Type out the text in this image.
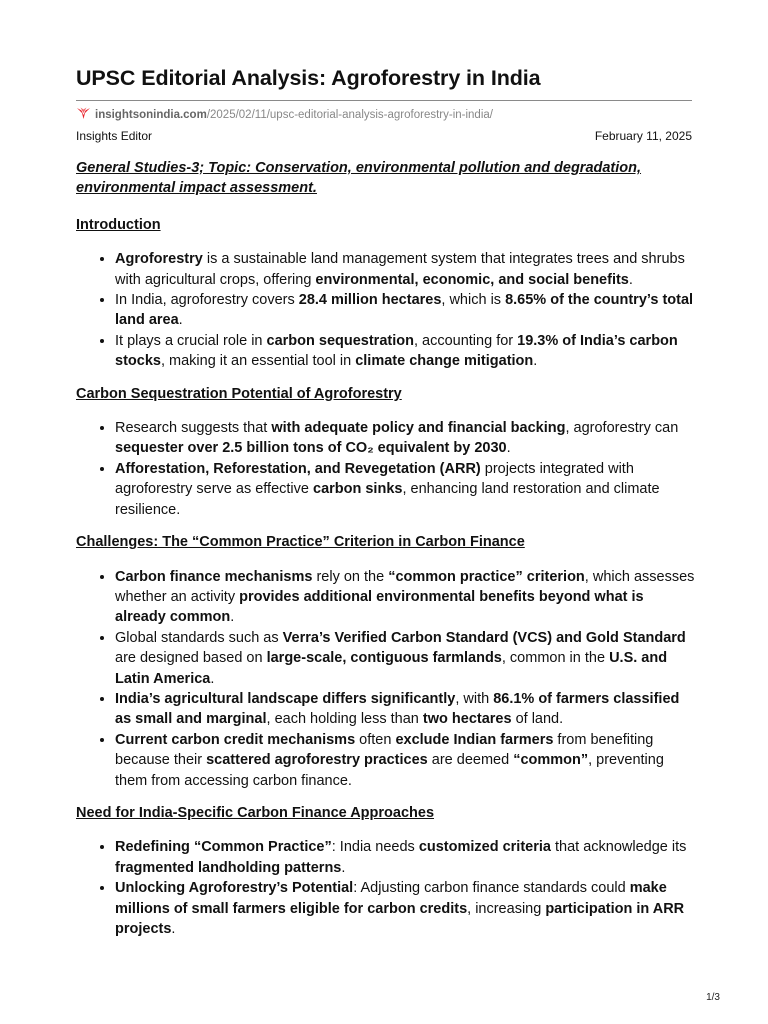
UPSC Editorial Analysis: Agroforestry in India
insightsonindia.com/2025/02/11/upsc-editorial-analysis-agroforestry-in-india/
Insights Editor	February 11, 2025

General Studies-3; Topic: Conservation, environmental pollution and degradation, environmental impact assessment.

Introduction

• Agroforestry is a sustainable land management system that integrates trees and shrubs with agricultural crops, offering environmental, economic, and social benefits.
• In India, agroforestry covers 28.4 million hectares, which is 8.65% of the country’s total land area.
• It plays a crucial role in carbon sequestration, accounting for 19.3% of India’s carbon stocks, making it an essential tool in climate change mitigation.

Carbon Sequestration Potential of Agroforestry

• Research suggests that with adequate policy and financial backing, agroforestry can sequester over 2.5 billion tons of CO₂ equivalent by 2030.
• Afforestation, Reforestation, and Revegetation (ARR) projects integrated with agroforestry serve as effective carbon sinks, enhancing land restoration and climate resilience.

Challenges: The “Common Practice” Criterion in Carbon Finance

• Carbon finance mechanisms rely on the “common practice” criterion, which assesses whether an activity provides additional environmental benefits beyond what is already common.
• Global standards such as Verra’s Verified Carbon Standard (VCS) and Gold Standard are designed based on large-scale, contiguous farmlands, common in the U.S. and Latin America.
• India’s agricultural landscape differs significantly, with 86.1% of farmers classified as small and marginal, each holding less than two hectares of land.
• Current carbon credit mechanisms often exclude Indian farmers from benefiting because their scattered agroforestry practices are deemed “common”, preventing them from accessing carbon finance.

Need for India-Specific Carbon Finance Approaches

• Redefining “Common Practice”: India needs customized criteria that acknowledge its fragmented landholding patterns.
• Unlocking Agroforestry’s Potential: Adjusting carbon finance standards could make millions of small farmers eligible for carbon credits, increasing participation in ARR projects.
1/3
